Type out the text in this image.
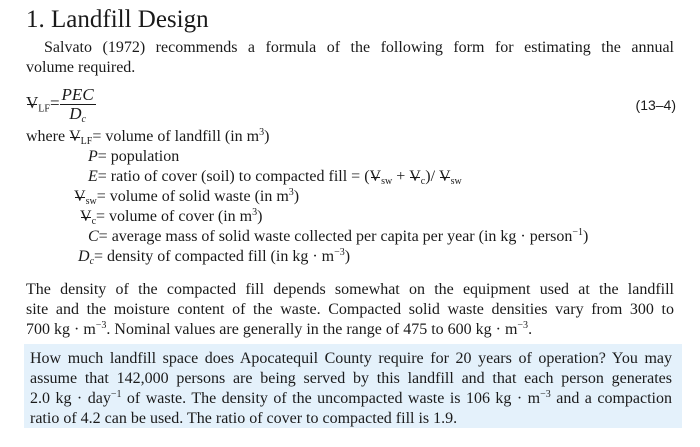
1. Landfill Design
Salvato (1972) recommends a formula of the following form for estimating the annual
volume required.
$V_{LF}= \frac{\text{PEC}}{D_c}$	(13–4)
where $V_{LF}=$ volume of landfill (in $m^3$)
P= population
E= ratio of cover (soil) to compacted fill = $(V_{sw} + V_c)/$ $V_{sw}$
$V_{sw}=$ volume of solid waste (in $m^3$)
$V_c=$ volume of cover (in $m^3$)
C= average mass of solid waste collected per capita per year (in kg · person$^{-1}$)
$D_c=$ density of compacted fill (in kg · $m^{-3}$)
The density of the compacted fill depends somewhat on the equipment used at the landfill
site and the moisture content of the waste. Compacted solid waste densities vary from 300 to
700 kg · $m^{-3}$. Nominal values are generally in the range of 475 to 600 kg · $m^{-3}$.
How much landfill space does Apocatequil County require for 20 years of operation? You may
assume that 142,000 persons are being served by this landfill and that each person generates
2.0 kg · day$^{-1}$ of waste. The density of the uncompacted waste is 106 kg · $m^{-3}$ and a compaction
ratio of 4.2 can be used. The ratio of cover to compacted fill is 1.9.
